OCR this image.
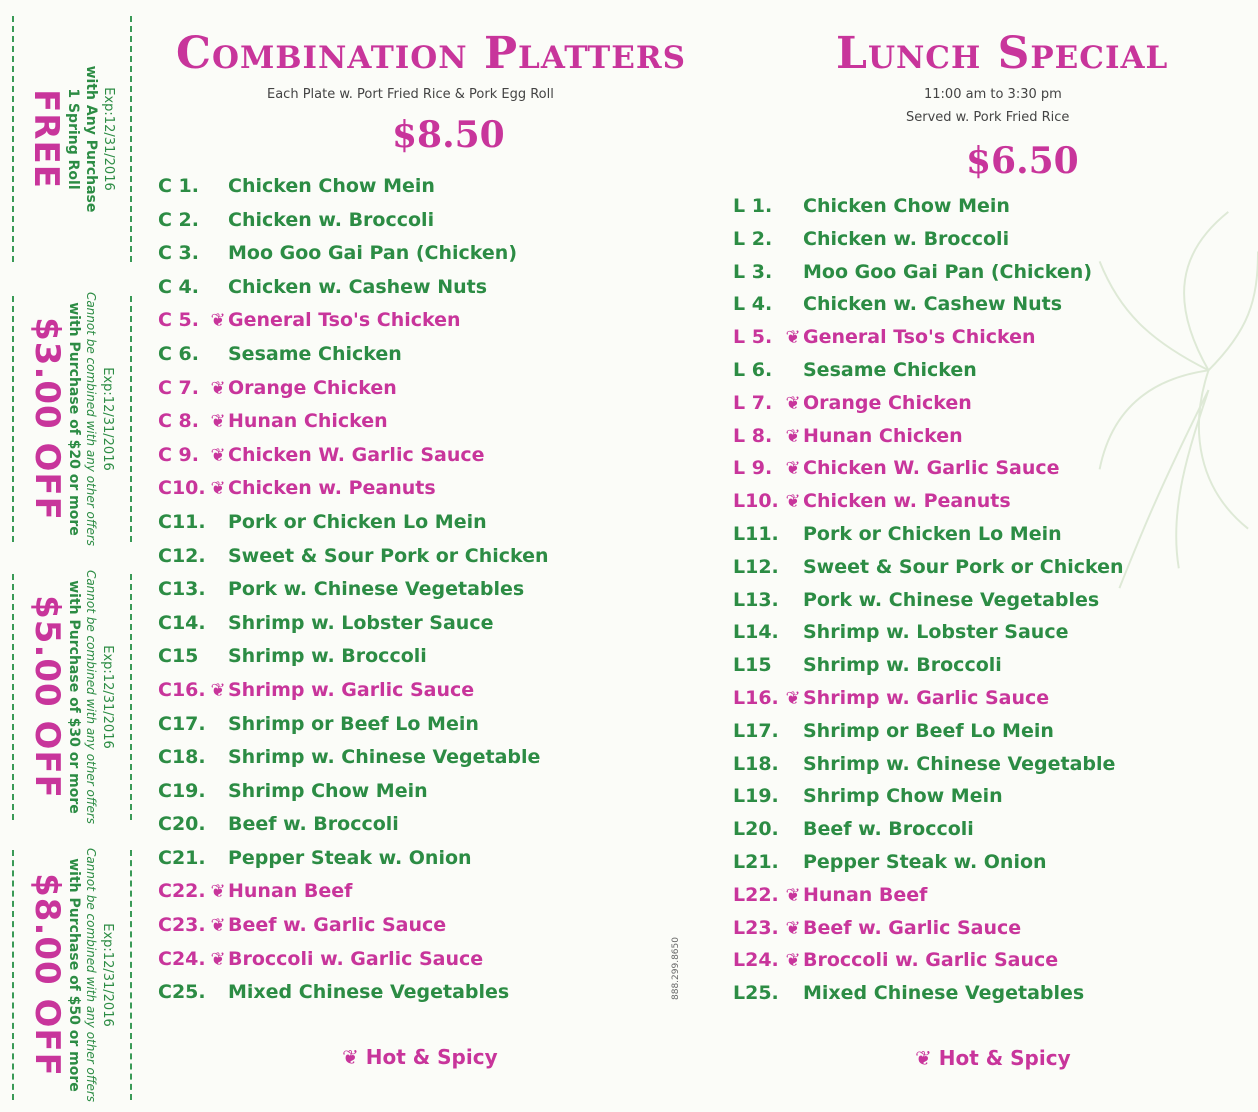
FREE 1 Spring Roll with Any Purchase Exp:12/31/2016
$3.00 OFF with Purchase of $20 or more Cannot be combined with any other offers Exp:12/31/2016
$5.00 OFF with Purchase of $30 or more Cannot be combined with any other offers Exp:12/31/2016
$8.00 OFF with Purchase of $50 or more Cannot be combined with any other offers Exp:12/31/2016
Combination Platters
Each Plate w. Port Fried Rice & Pork Egg Roll
$8.50
C 1. Chicken Chow Mein
C 2. Chicken w. Broccoli
C 3. Moo Goo Gai Pan (Chicken)
C 4. Chicken w. Cashew Nuts
C 5. ❦ General Tso's Chicken
C 6. Sesame Chicken
C 7. ❦ Orange Chicken
C 8. ❦ Hunan Chicken
C 9. ❦ Chicken W. Garlic Sauce
C10. ❦ Chicken w. Peanuts
C11. Pork or Chicken Lo Mein
C12. Sweet & Sour Pork or Chicken
C13. Pork w. Chinese Vegetables
C14. Shrimp w. Lobster Sauce
C15 Shrimp w. Broccoli
C16. ❦ Shrimp w. Garlic Sauce
C17. Shrimp or Beef Lo Mein
C18. Shrimp w. Chinese Vegetable
C19. Shrimp Chow Mein
C20. Beef w. Broccoli
C21. Pepper Steak w. Onion
C22. ❦ Hunan Beef
C23. ❦ Beef w. Garlic Sauce
C24. ❦ Broccoli w. Garlic Sauce
C25. Mixed Chinese Vegetables
❦ Hot & Spicy
888.299.8650
Lunch Special
11:00 am to 3:30 pm
Served w. Pork Fried Rice
$6.50
L 1. Chicken Chow Mein
L 2. Chicken w. Broccoli
L 3. Moo Goo Gai Pan (Chicken)
L 4. Chicken w. Cashew Nuts
L 5. ❦ General Tso's Chicken
L 6. Sesame Chicken
L 7. ❦ Orange Chicken
L 8. ❦ Hunan Chicken
L 9. ❦ Chicken W. Garlic Sauce
L10. ❦ Chicken w. Peanuts
L11. Pork or Chicken Lo Mein
L12. Sweet & Sour Pork or Chicken
L13. Pork w. Chinese Vegetables
L14. Shrimp w. Lobster Sauce
L15 Shrimp w. Broccoli
L16. ❦ Shrimp w. Garlic Sauce
L17. Shrimp or Beef Lo Mein
L18. Shrimp w. Chinese Vegetable
L19. Shrimp Chow Mein
L20. Beef w. Broccoli
L21. Pepper Steak w. Onion
L22. ❦ Hunan Beef
L23. ❦ Beef w. Garlic Sauce
L24. ❦ Broccoli w. Garlic Sauce
L25. Mixed Chinese Vegetables
❦ Hot & Spicy
